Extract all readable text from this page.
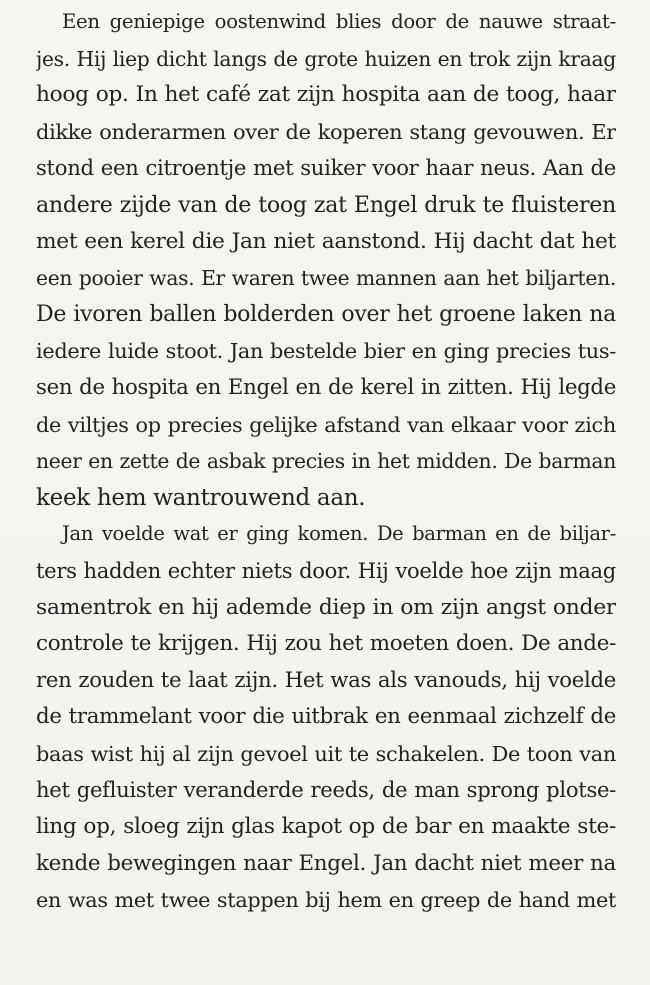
Een geniepige oostenwind blies door de nauwe straat-
jes. Hij liep dicht langs de grote huizen en trok zijn kraag
hoog op. In het café zat zijn hospita aan de toog, haar
dikke onderarmen over de koperen stang gevouwen. Er
stond een citroentje met suiker voor haar neus. Aan de
andere zijde van de toog zat Engel druk te fluisteren
met een kerel die Jan niet aanstond. Hij dacht dat het
een pooier was. Er waren twee mannen aan het biljarten.
De ivoren ballen bolderden over het groene laken na
iedere luide stoot. Jan bestelde bier en ging precies tus-
sen de hospita en Engel en de kerel in zitten. Hij legde
de viltjes op precies gelijke afstand van elkaar voor zich
neer en zette de asbak precies in het midden. De barman
keek hem wantrouwend aan.
Jan voelde wat er ging komen. De barman en de biljar-
ters hadden echter niets door. Hij voelde hoe zijn maag
samentrok en hij ademde diep in om zijn angst onder
controle te krijgen. Hij zou het moeten doen. De ande-
ren zouden te laat zijn. Het was als vanouds, hij voelde
de trammelant voor die uitbrak en eenmaal zichzelf de
baas wist hij al zijn gevoel uit te schakelen. De toon van
het gefluister veranderde reeds, de man sprong plotse-
ling op, sloeg zijn glas kapot op de bar en maakte ste-
kende bewegingen naar Engel. Jan dacht niet meer na
en was met twee stappen bij hem en greep de hand met
